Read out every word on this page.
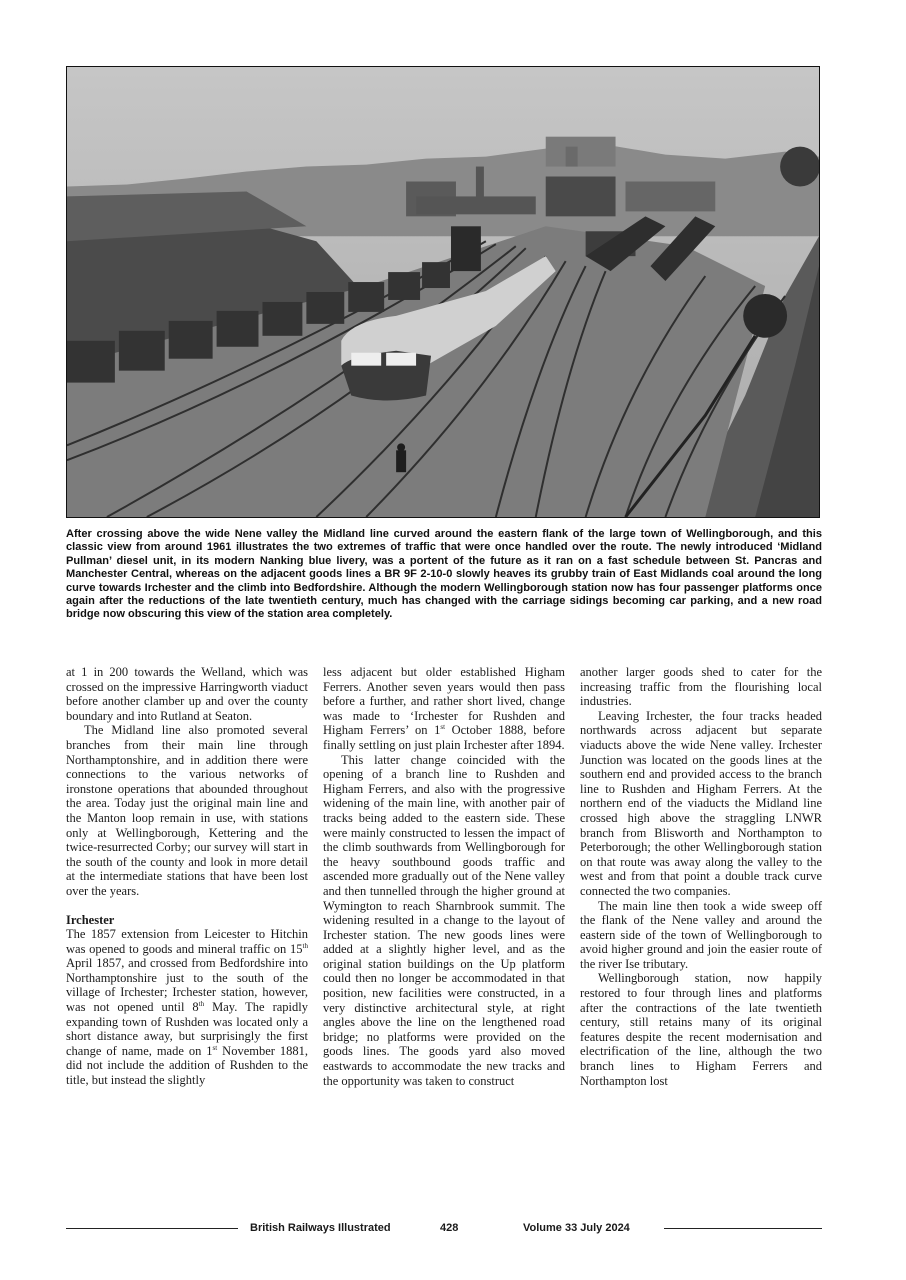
After crossing above the wide Nene valley the Midland line curved around the eastern flank of the large town of Wellingborough, and this classic view from around 1961 illustrates the two extremes of traffic that were once handled over the route. The newly introduced ‘Midland Pullman’ diesel unit, in its modern Nanking blue livery, was a portent of the future as it ran on a fast schedule between St. Pancras and Manchester Central, whereas on the adjacent goods lines a BR 9F 2-10-0 slowly heaves its grubby train of East Midlands coal around the long curve towards Irchester and the climb into Bedfordshire. Although the modern Wellingborough station now has four passenger platforms once again after the reductions of the late twentieth century, much has changed with the carriage sidings becoming car parking, and a new road bridge now obscuring this view of the station area completely.

at 1 in 200 towards the Welland, which was crossed on the impressive Harringworth viaduct before another clamber up and over the county boundary and into Rutland at Seaton.

The Midland line also promoted several branches from their main line through Northamptonshire, and in addition there were connections to the various networks of ironstone operations that abounded throughout the area. Today just the original main line and the Manton loop remain in use, with stations only at Wellingborough, Kettering and the twice-resurrected Corby; our survey will start in the south of the county and look in more detail at the intermediate stations that have been lost over the years.

Irchester

The 1857 extension from Leicester to Hitchin was opened to goods and mineral traffic on 15th April 1857, and crossed from Bedfordshire into Northamptonshire just to the south of the village of Irchester; Irchester station, however, was not opened until 8th May. The rapidly expanding town of Rushden was located only a short distance away, but surprisingly the first change of name, made on 1st November 1881, did not include the addition of Rushden to the title, but instead the slightly

less adjacent but older established Higham Ferrers. Another seven years would then pass before a further, and rather short lived, change was made to ‘Irchester for Rushden and Higham Ferrers’ on 1st October 1888, before finally settling on just plain Irchester after 1894.

This latter change coincided with the opening of a branch line to Rushden and Higham Ferrers, and also with the progressive widening of the main line, with another pair of tracks being added to the eastern side. These were mainly constructed to lessen the impact of the climb southwards from Wellingborough for the heavy southbound goods traffic and ascended more gradually out of the Nene valley and then tunnelled through the higher ground at Wymington to reach Sharnbrook summit. The widening resulted in a change to the layout of Irchester station. The new goods lines were added at a slightly higher level, and as the original station buildings on the Up platform could then no longer be accommodated in that position, new facilities were constructed, in a very distinctive architectural style, at right angles above the line on the lengthened road bridge; no platforms were provided on the goods lines. The goods yard also moved eastwards to accommodate the new tracks and the opportunity was taken to construct

another larger goods shed to cater for the increasing traffic from the flourishing local industries.

Leaving Irchester, the four tracks headed northwards across adjacent but separate viaducts above the wide Nene valley. Irchester Junction was located on the goods lines at the southern end and provided access to the branch line to Rushden and Higham Ferrers. At the northern end of the viaducts the Midland line crossed high above the straggling LNWR branch from Blisworth and Northampton to Peterborough; the other Wellingborough station on that route was away along the valley to the west and from that point a double track curve connected the two companies.

The main line then took a wide sweep off the flank of the Nene valley and around the eastern side of the town of Wellingborough to avoid higher ground and join the easier route of the river Ise tributary.

Wellingborough station, now happily restored to four through lines and platforms after the contractions of the late twentieth century, still retains many of its original features despite the recent modernisation and electrification of the line, although the two branch lines to Higham Ferrers and Northampton lost

British Railways Illustrated	428	Volume 33 July 2024
